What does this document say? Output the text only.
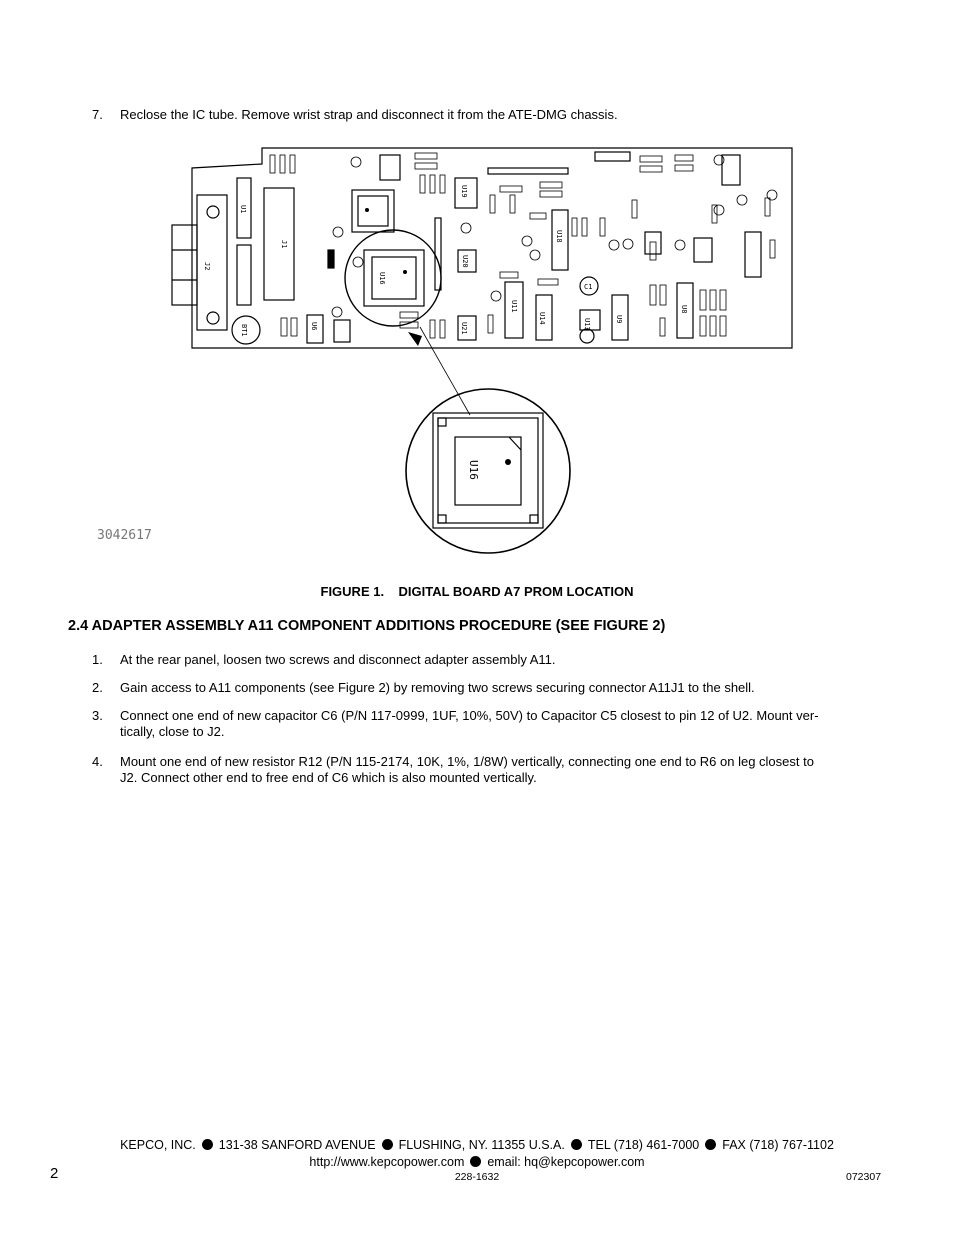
7. Reclose the IC tube. Remove wrist strap and disconnect it from the ATE-DMG chassis.
U16
U16
J1
J2
U1
U6
U8
U11
U13	U9
U14
U18
U19
U20
U21
BT1
C1
3042617
FIGURE 1.    DIGITAL BOARD A7 PROM LOCATION
2.4 ADAPTER ASSEMBLY A11 COMPONENT ADDITIONS PROCEDURE (SEE FIGURE 2)
1. At the rear panel, loosen two screws and disconnect adapter assembly A11.
2. Gain access to A11 components (see Figure 2) by removing two screws securing connector A11J1 to the shell.
3. Connect one end of new capacitor C6 (P/N 117-0999, 1UF, 10%, 50V) to Capacitor C5 closest to pin 12 of U2. Mount ver-
tically, close to J2.
4. Mount one end of new resistor R12 (P/N 115-2174, 10K, 1%, 1/8W) vertically, connecting one end to R6 on leg closest to
J2. Connect other end to free end of C6 which is also mounted vertically.
KEPCO, INC. 131-38 SANFORD AVENUE FLUSHING, NY. 11355 U.S.A. TEL (718) 461-7000 FAX (718) 767-1102
http://www.kepcopower.com email: hq@kepcopower.com
2	228-1632	072307
